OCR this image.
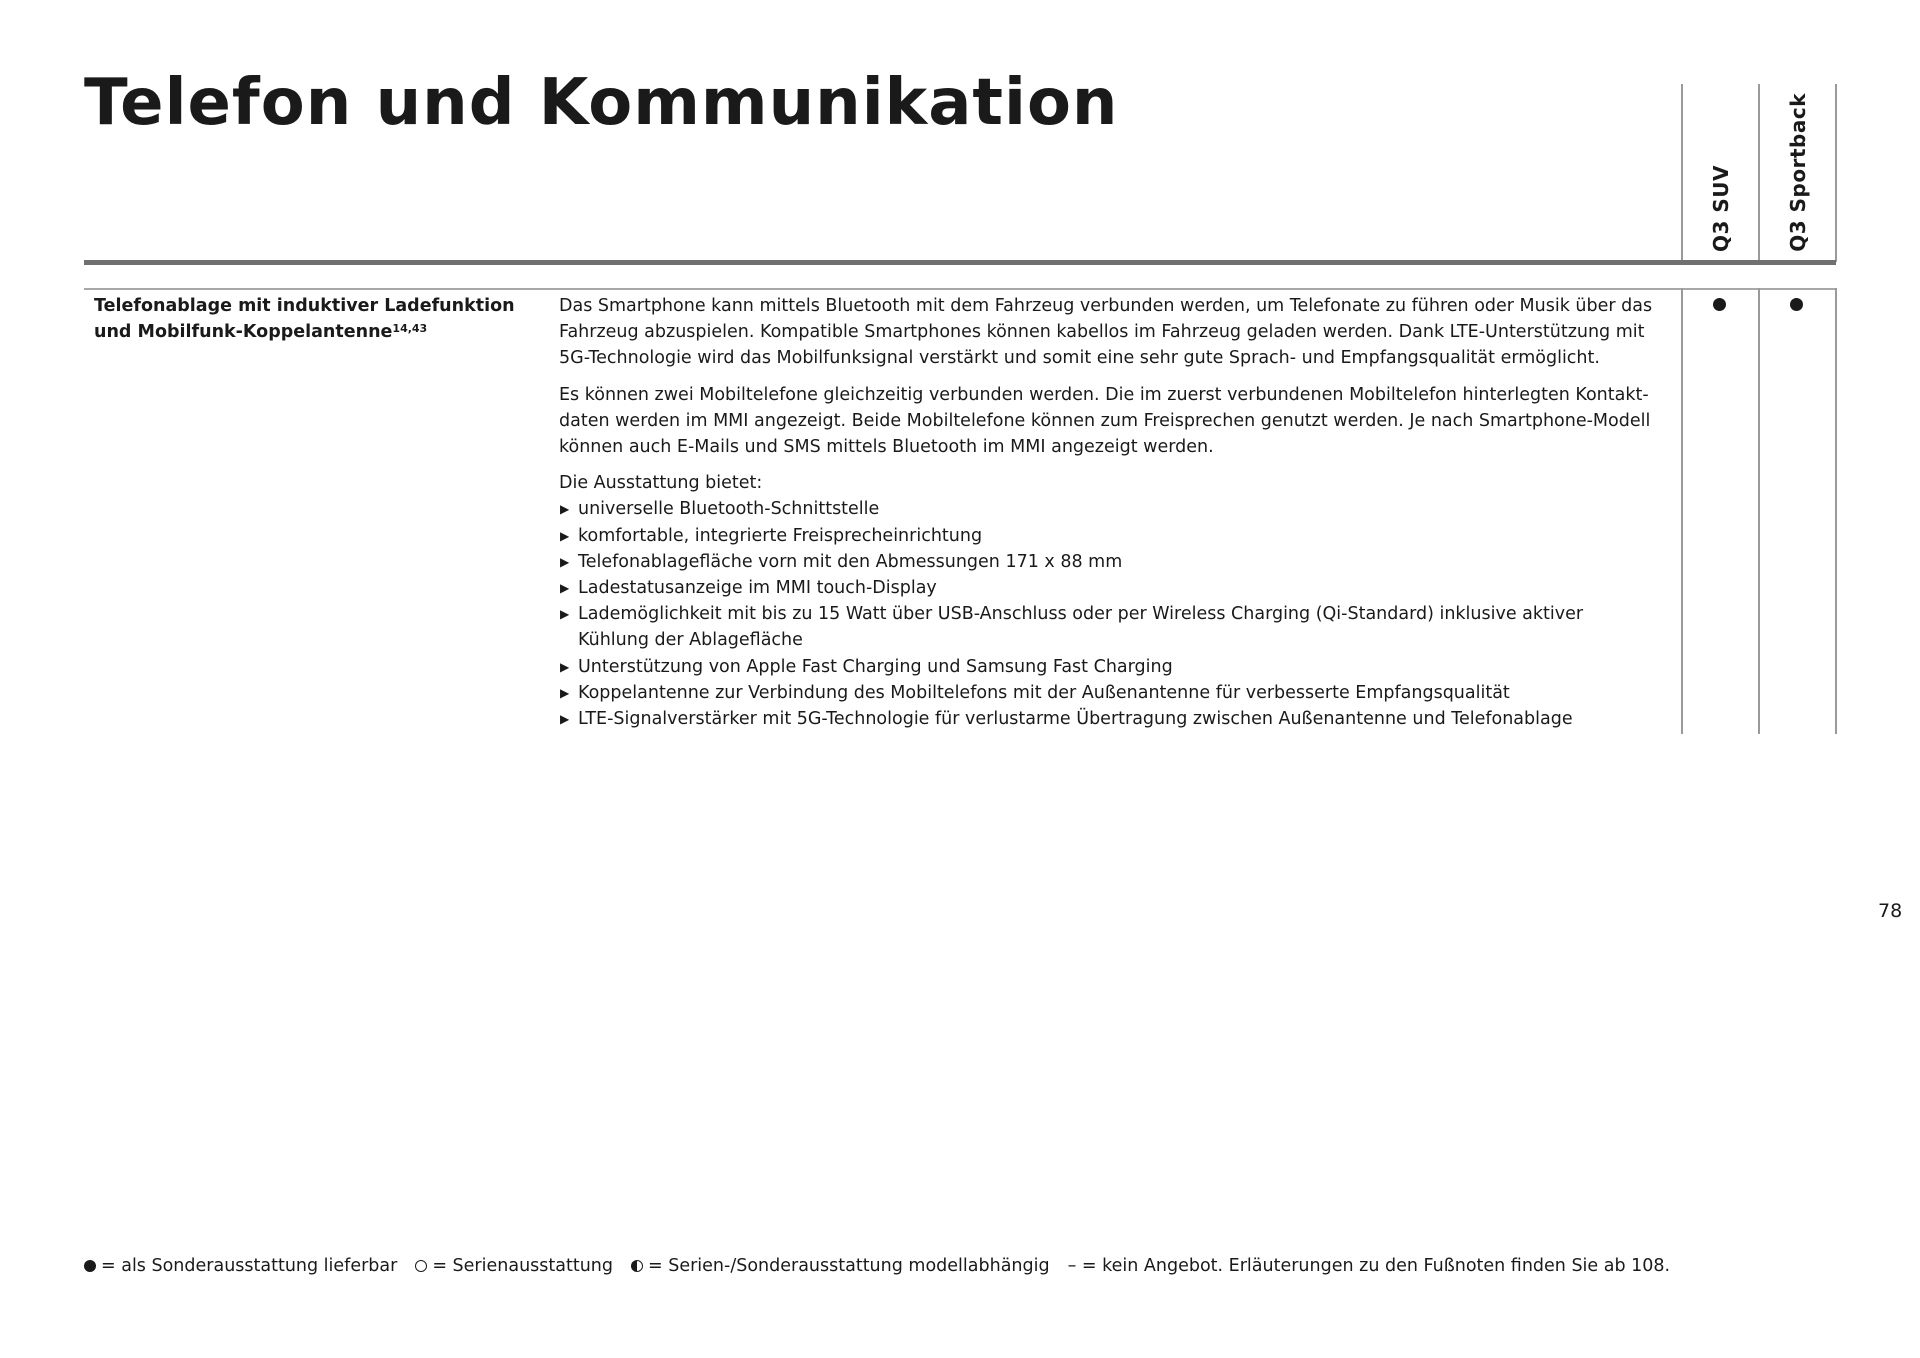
Telefon und Kommunikation
Q3 SUV	Q3 Sportback
Telefonablage mit induktiver Ladefunktion und Mobilfunk-Koppelantenne$^{14,43}$

Das Smartphone kann mittels Bluetooth mit dem Fahrzeug verbunden werden, um Telefonate zu führen oder Musik über das Fahrzeug abzuspielen. Kompatible Smartphones können kabellos im Fahrzeug geladen werden. Dank LTE-Unterstützung mit 5G-Technologie wird das Mobilfunksignal verstärkt und somit eine sehr gute Sprach- und Empfangsqualität ermöglicht.

Es können zwei Mobiltelefone gleichzeitig verbunden werden. Die im zuerst verbundenen Mobiltelefon hinterlegten Kontakt-daten werden im MMI angezeigt. Beide Mobiltelefone können zum Freisprechen genutzt werden. Je nach Smartphone-Modell können auch E-Mails und SMS mittels Bluetooth im MMI angezeigt werden.

Die Ausstattung bietet:

▶ universelle Bluetooth-Schnittstelle
▶ komfortable, integrierte Freisprecheinrichtung
▶ Telefonablagefläche vorn mit den Abmessungen 171 x 88 mm
▶ Ladestatusanzeige im MMI touch-Display
▶ Lademöglichkeit mit bis zu 15 Watt über USB-Anschluss oder per Wireless Charging (Qi-Standard) inklusive aktiver Kühlung der Ablagefläche
▶ Unterstützung von Apple Fast Charging und Samsung Fast Charging
▶ Koppelantenne zur Verbindung des Mobiltelefons mit der Außenantenne für verbesserte Empfangsqualität
▶ LTE-Signalverstärker mit 5G-Technologie für verlustarme Übertragung zwischen Außenantenne und Telefonablage
78
= als Sonderausstattung lieferbar = Serienausstattung = Serien-/Sonderausstattung modellabhängig – = kein Angebot. Erläuterungen zu den Fußnoten finden Sie ab 108.
